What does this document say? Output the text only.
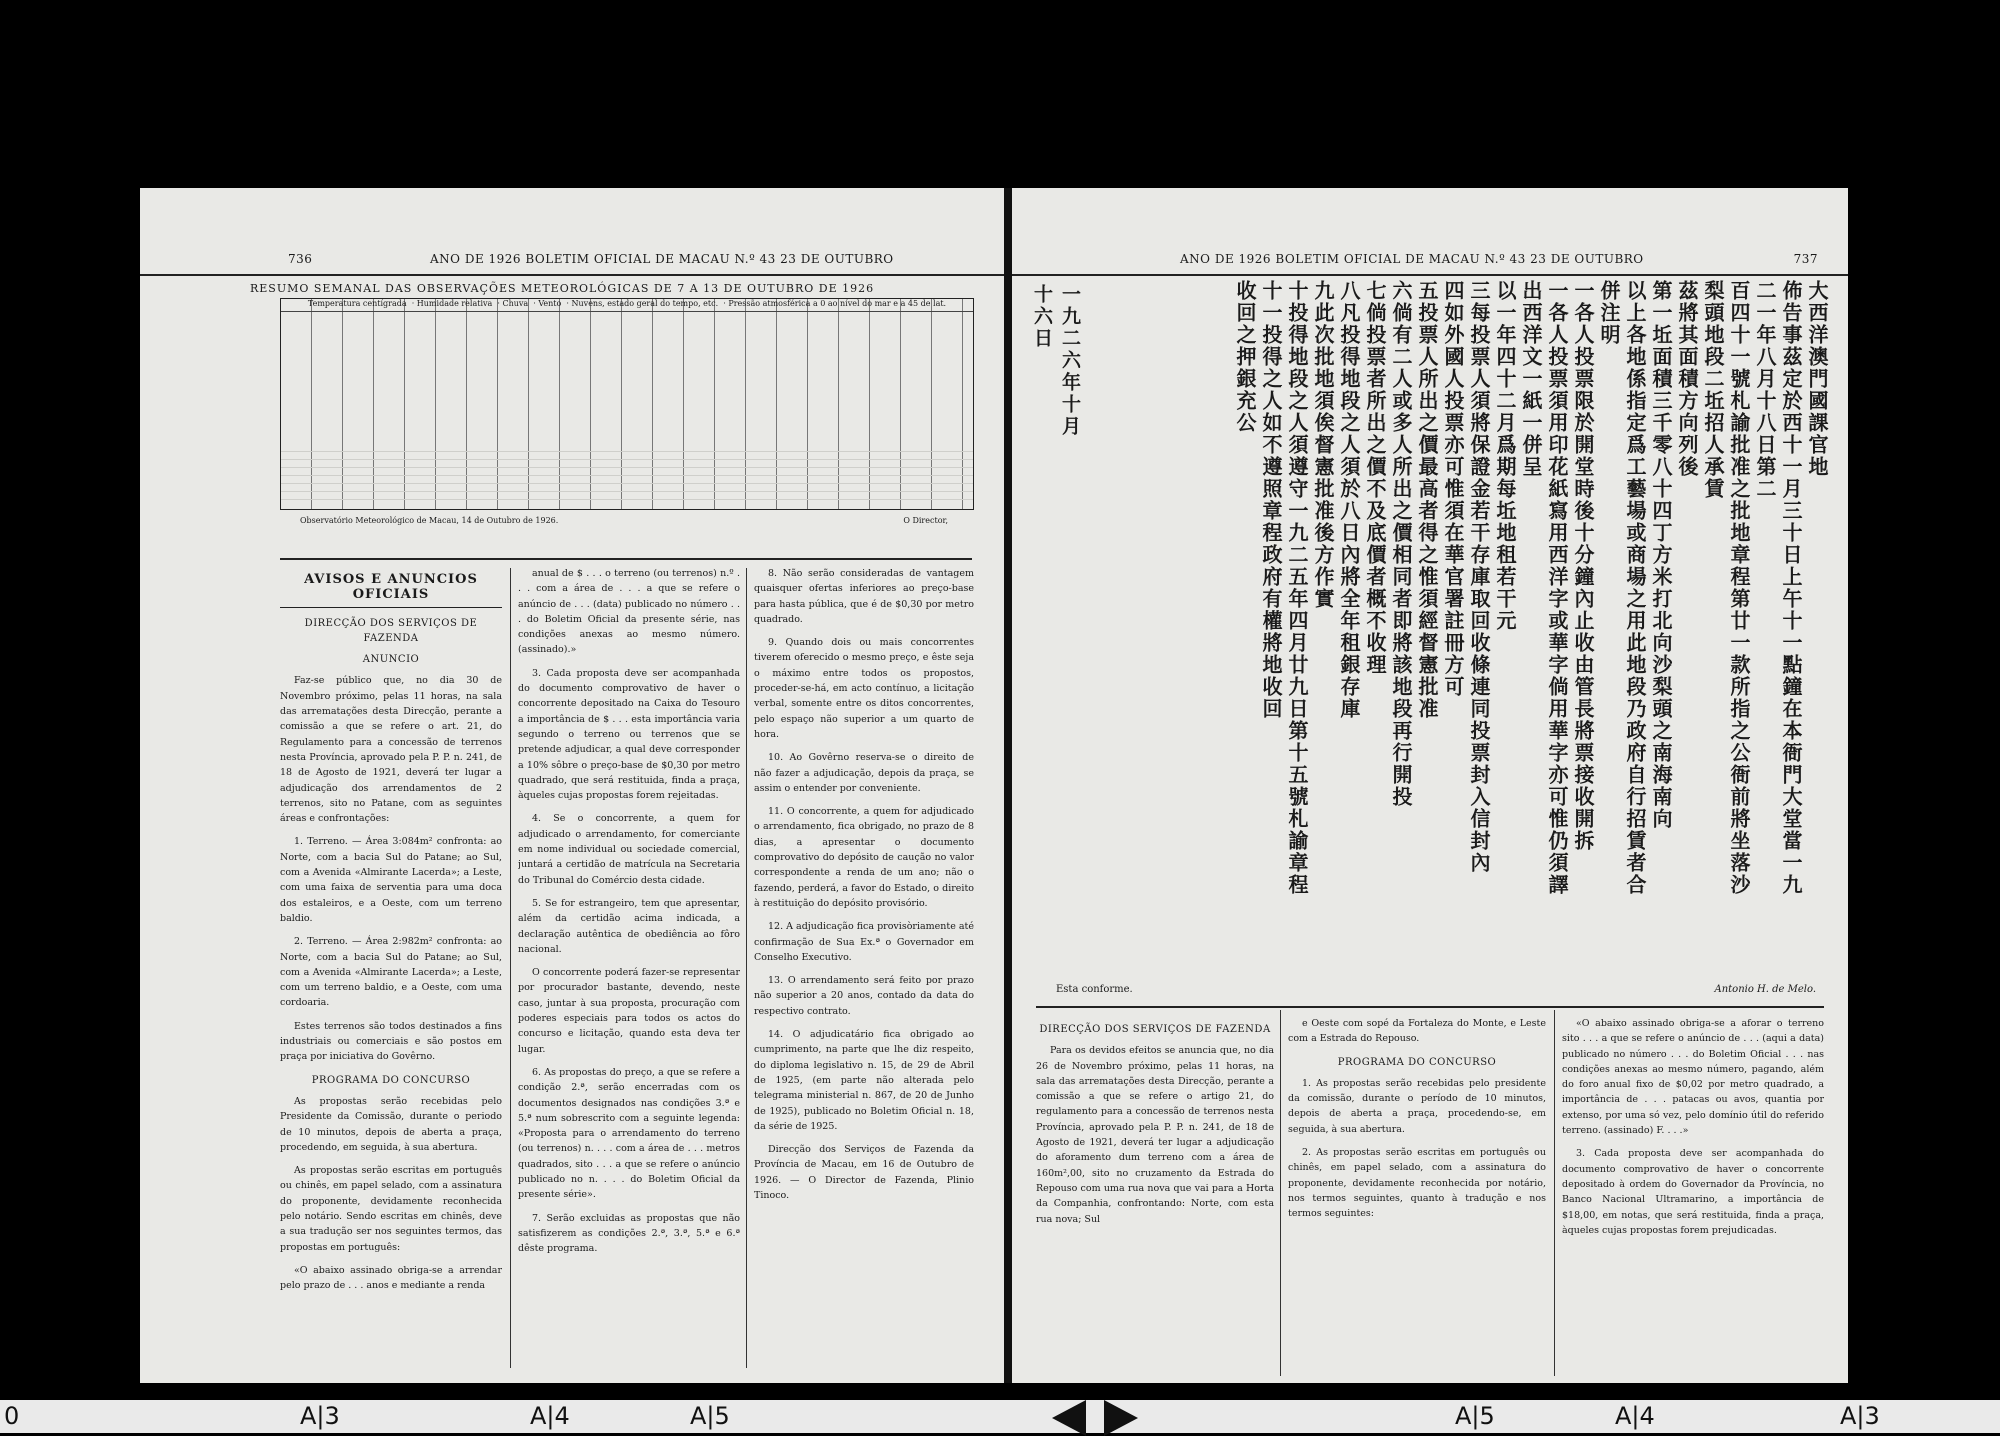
736	ANO DE 1926 BOLETIM OFICIAL DE MACAU N.º 43 23 DE OUTUBRO
RESUMO SEMANAL DAS OBSERVAÇÕES METEOROLÓGICAS DE 7 A 13 DE OUTUBRO DE 1926
Temperatura centígrada  · Humidade relativa  · Chuva  · Vento  · Nuvens, estado geral do tempo, etc.  · Pressão atmosférica a 0 ao nível do mar e a 45 de lat.
Observatório Meteorológico de Macau, 14 de Outubro de 1926.	O Director,
AVISOS E ANUNCIOS OFICIAIS
DIRECÇÃO DOS SERVIÇOS DE FAZENDA
ANUNCIO

Faz-se público que, no dia 30 de Novembro próximo, pelas 11 horas, na sala das arrematações desta Direcção, perante a comissão a que se refere o art. 21, do Regulamento para a concessão de terrenos nesta Província, aprovado pela P. P. n. 241, de 18 de Agosto de 1921, deverá ter lugar a adjudicação dos arrendamentos de 2 terrenos, sito no Patane, com as seguintes áreas e confrontações:

1. Terreno. — Área 3:084m² confronta: ao Norte, com a bacia Sul do Patane; ao Sul, com a Avenida «Almirante Lacerda»; a Leste, com uma faixa de serventia para uma doca dos estaleiros, e a Oeste, com um terreno baldio.

2. Terreno. — Área 2:982m² confronta: ao Norte, com a bacia Sul do Patane; ao Sul, com a Avenida «Almirante Lacerda»; a Leste, com um terreno baldio, e a Oeste, com uma cordoaria.

Estes terrenos são todos destinados a fins industriais ou comerciais e são postos em praça por iniciativa do Govêrno.

PROGRAMA DO CONCURSO

As propostas serão recebidas pelo Presidente da Comissão, durante o periodo de 10 minutos, depois de aberta a praça, procedendo, em seguida, à sua abertura.

As propostas serão escritas em português ou chinês, em papel selado, com a assinatura do proponente, devidamente reconhecida pelo notário. Sendo escritas em chinês, deve a sua tradução ser nos seguintes termos, das propostas em português:

«O abaixo assinado obriga-se a arrendar pelo prazo de . . . anos e mediante a renda

anual de $ . . . o terreno (ou terrenos) n.º . . . com a área de . . . a que se refere o anúncio de . . . (data) publicado no número . . . do Boletim Oficial da presente série, nas condições anexas ao mesmo número. (assinado).»

3. Cada proposta deve ser acompanhada do documento comprovativo de haver o concorrente depositado na Caixa do Tesouro a importância de $ . . . esta importância varia segundo o terreno ou terrenos que se pretende adjudicar, a qual deve corresponder a 10% sôbre o preço-base de $0,30 por metro quadrado, que será restituida, finda a praça, àqueles cujas propostas forem rejeitadas.

4. Se o concorrente, a quem for adjudicado o arrendamento, for comerciante em nome individual ou sociedade comercial, juntará a certidão de matrícula na Secretaria do Tribunal do Comércio desta cidade.

5. Se for estrangeiro, tem que apresentar, além da certidão acima indicada, a declaração autêntica de obediência ao fôro nacional.

O concorrente poderá fazer-se representar por procurador bastante, devendo, neste caso, juntar à sua proposta, procuração com poderes especiais para todos os actos do concurso e licitação, quando esta deva ter lugar.

6. As propostas do preço, a que se refere a condição 2.ª, serão encerradas com os documentos designados nas condições 3.ª e 5.ª num sobrescrito com a seguinte legenda: «Proposta para o arrendamento do terreno (ou terrenos) n. . . . com a área de . . . metros quadrados, sito . . . a que se refere o anúncio publicado no n. . . . do Boletim Oficial da presente série».

7. Serão excluidas as propostas que não satisfizerem as condições 2.ª, 3.ª, 5.ª e 6.ª dêste programa.

8. Não serão consideradas de vantagem quaisquer ofertas inferiores ao preço-base para hasta pública, que é de $0,30 por metro quadrado.

9. Quando dois ou mais concorrentes tiverem oferecido o mesmo preço, e êste seja o máximo entre todos os propostos, proceder-se-há, em acto contínuo, a licitação verbal, somente entre os ditos concorrentes, pelo espaço não superior a um quarto de hora.

10. Ao Govêrno reserva-se o direito de não fazer a adjudicação, depois da praça, se assim o entender por conveniente.

11. O concorrente, a quem for adjudicado o arrendamento, fica obrigado, no prazo de 8 dias, a apresentar o documento comprovativo do depósito de caução no valor correspondente a renda de um ano; não o fazendo, perderá, a favor do Estado, o direito à restituição do depósito provisório.

12. A adjudicação fica provisòriamente até confirmação de Sua Ex.ª o Governador em Conselho Executivo.

13. O arrendamento será feito por prazo não superior a 20 anos, contado da data do respectivo contrato.

14. O adjudicatário fica obrigado ao cumprimento, na parte que lhe diz respeito, do diploma legislativo n. 15, de 29 de Abril de 1925, (em parte não alterada pelo telegrama ministerial n. 867, de 20 de Junho de 1925), publicado no Boletim Oficial n. 18, da série de 1925.

Direcção dos Serviços de Fazenda da Província de Macau, em 16 de Outubro de 1926. — O Director de Fazenda, Plinio Tinoco.

ANO DE 1926 BOLETIM OFICIAL DE MACAU N.º 43 23 DE OUTUBRO	737
大西洋澳門國課官地
佈告事茲定於西十一月三十日上午十一點鐘在本衙門大堂當一九二一年八月十八日第二
百四十一號札諭批准之批地章程第廿一款所指之公衙前將坐落沙梨頭地段二坵招人承賃
茲將其面積方向列後
第一坵面積三千零八十四丁方米打北向沙梨頭之南海南向
以上各地係指定爲工藝場或商場之用此地段乃政府自行招賃者合併注明
一各人投票限於開堂時後十分鐘內止收由管長將票接收開拆
一各人投票須用印花紙寫用西洋字或華字倘用華字亦可惟仍須譯出西洋文一紙一併呈
以一年四十二月爲期每坵地租若干元
三每投票人須將保證金若干存庫取回收條連同投票封入信封內
四如外國人投票亦可惟須在華官署註冊方可
五投票人所出之價最高者得之惟須經督憲批准
六倘有二人或多人所出之價相同者即將該地段再行開投
七倘投票者所出之價不及底價者概不收理
八凡投得地段之人須於八日內將全年租銀存庫
九此次批地須俟督憲批准後方作實
十投得地段之人須遵守一九二五年四月廿九日第十五號札諭章程
十一投得之人如不遵照章程政府有權將地收回
收回之押銀充公
一九二六年十月
十六日
Esta conforme.	Antonio H. de Melo.
DIRECÇÃO DOS SERVIÇOS DE FAZENDA

Para os devidos efeitos se anuncia que, no dia 26 de Novembro próximo, pelas 11 horas, na sala das arrematações desta Direcção, perante a comissão a que se refere o artigo 21, do regulamento para a concessão de terrenos nesta Província, aprovado pela P. P. n. 241, de 18 de Agosto de 1921, deverá ter lugar a adjudicação do aforamento dum terreno com a área de 160m²,00, sito no cruzamento da Estrada do Repouso com uma rua nova que vai para a Horta da Companhia, confrontando: Norte, com esta rua nova; Sul

e Oeste com sopé da Fortaleza do Monte, e Leste com a Estrada do Repouso.

PROGRAMA DO CONCURSO

1. As propostas serão recebidas pelo presidente da comissão, durante o período de 10 minutos, depois de aberta a praça, procedendo-se, em seguida, à sua abertura.

2. As propostas serão escritas em português ou chinês, em papel selado, com a assinatura do proponente, devidamente reconhecida por notário, nos termos seguintes, quanto à tradução e nos termos seguintes:

«O abaixo assinado obriga-se a aforar o terreno sito . . . a que se refere o anúncio de . . . (aqui a data) publicado no número . . . do Boletim Oficial . . . nas condições anexas ao mesmo número, pagando, além do foro anual fixo de $0,02 por metro quadrado, a importância de . . . patacas ou avos, quantia por extenso, por uma só vez, pelo domínio útil do referido terreno. (assinado) F. . . .»

3. Cada proposta deve ser acompanhada do documento comprovativo de haver o concorrente depositado à ordem do Governador da Província, no Banco Nacional Ultramarino, a importância de $18,00, em notas, que será restituida, finda a praça, àqueles cujas propostas forem prejudicadas.

0	A|3	A|4	A|5	A|5	A|4	A|3
